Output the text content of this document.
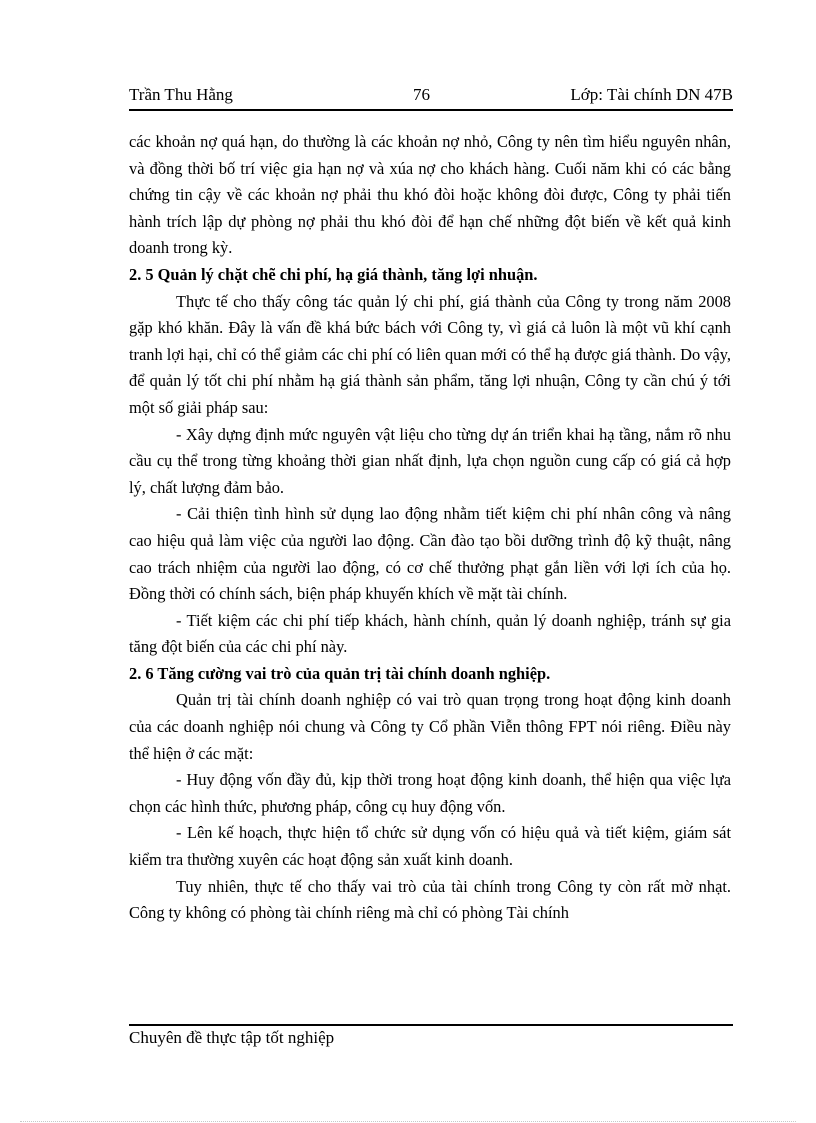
Trần Thu Hằng	76	Lớp: Tài chính DN 47B

các khoản nợ quá hạn, do thường là các khoản nợ nhỏ, Công ty nên tìm hiểu nguyên nhân, và đồng thời bố trí việc gia hạn nợ và xúa nợ cho khách hàng. Cuối năm khi có các bằng chứng tin cậy về các khoản nợ phải thu khó đòi hoặc không đòi được, Công ty phải tiến hành trích lập dự phòng nợ phải thu khó đòi để hạn chế những đột biến về kết quả kinh doanh trong kỳ.

2. 5 Quản lý chặt chẽ chi phí, hạ giá thành, tăng lợi nhuận.

Thực tế cho thấy công tác quản lý chi phí, giá thành của Công ty trong năm 2008 gặp khó khăn. Đây là vấn đề khá bức bách với Công ty, vì giá cả luôn là một vũ khí cạnh tranh lợi hại, chỉ có thể giảm các chi phí có liên quan mới có thể hạ được giá thành. Do vậy, để quản lý tốt chi phí nhằm hạ giá thành sản phẩm, tăng lợi nhuận, Công ty cần chú ý tới một số giải pháp sau:

- Xây dựng định mức nguyên vật liệu cho từng dự án triển khai hạ tầng, nắm rõ nhu cầu cụ thể trong từng khoảng thời gian nhất định, lựa chọn nguồn cung cấp có giá cả hợp lý, chất lượng đảm bảo.

- Cải thiện tình hình sử dụng lao động nhằm tiết kiệm chi phí nhân công và nâng cao hiệu quả làm việc của người lao động. Cần đào tạo bồi dưỡng trình độ kỹ thuật, nâng cao trách nhiệm của người lao động, có cơ chế thưởng phạt gắn liền với lợi ích của họ. Đồng thời có chính sách, biện pháp khuyến khích về mặt tài chính.

- Tiết kiệm các chi phí tiếp khách, hành chính, quản lý doanh nghiệp, tránh sự gia tăng đột biến của các chi phí này.

2. 6 Tăng cường vai trò của quản trị tài chính doanh nghiệp.

Quản trị tài chính doanh nghiệp có vai trò quan trọng trong hoạt động kinh doanh của các doanh nghiệp nói chung và Công ty Cổ phần Viễn thông FPT nói riêng. Điều này thể hiện ở các mặt:

- Huy động vốn đầy đủ, kịp thời trong hoạt động kinh doanh, thể hiện qua việc lựa chọn các hình thức, phương pháp, công cụ huy động vốn.

- Lên kế hoạch, thực hiện tổ chức sử dụng vốn có hiệu quả và tiết kiệm, giám sát kiểm tra thường xuyên các hoạt động sản xuất kinh doanh.

Tuy nhiên, thực tế cho thấy vai trò của tài chính trong Công ty còn rất mờ nhạt. Công ty không có phòng tài chính riêng mà chỉ có phòng Tài chính

Chuyên đề thực tập tốt nghiệp
